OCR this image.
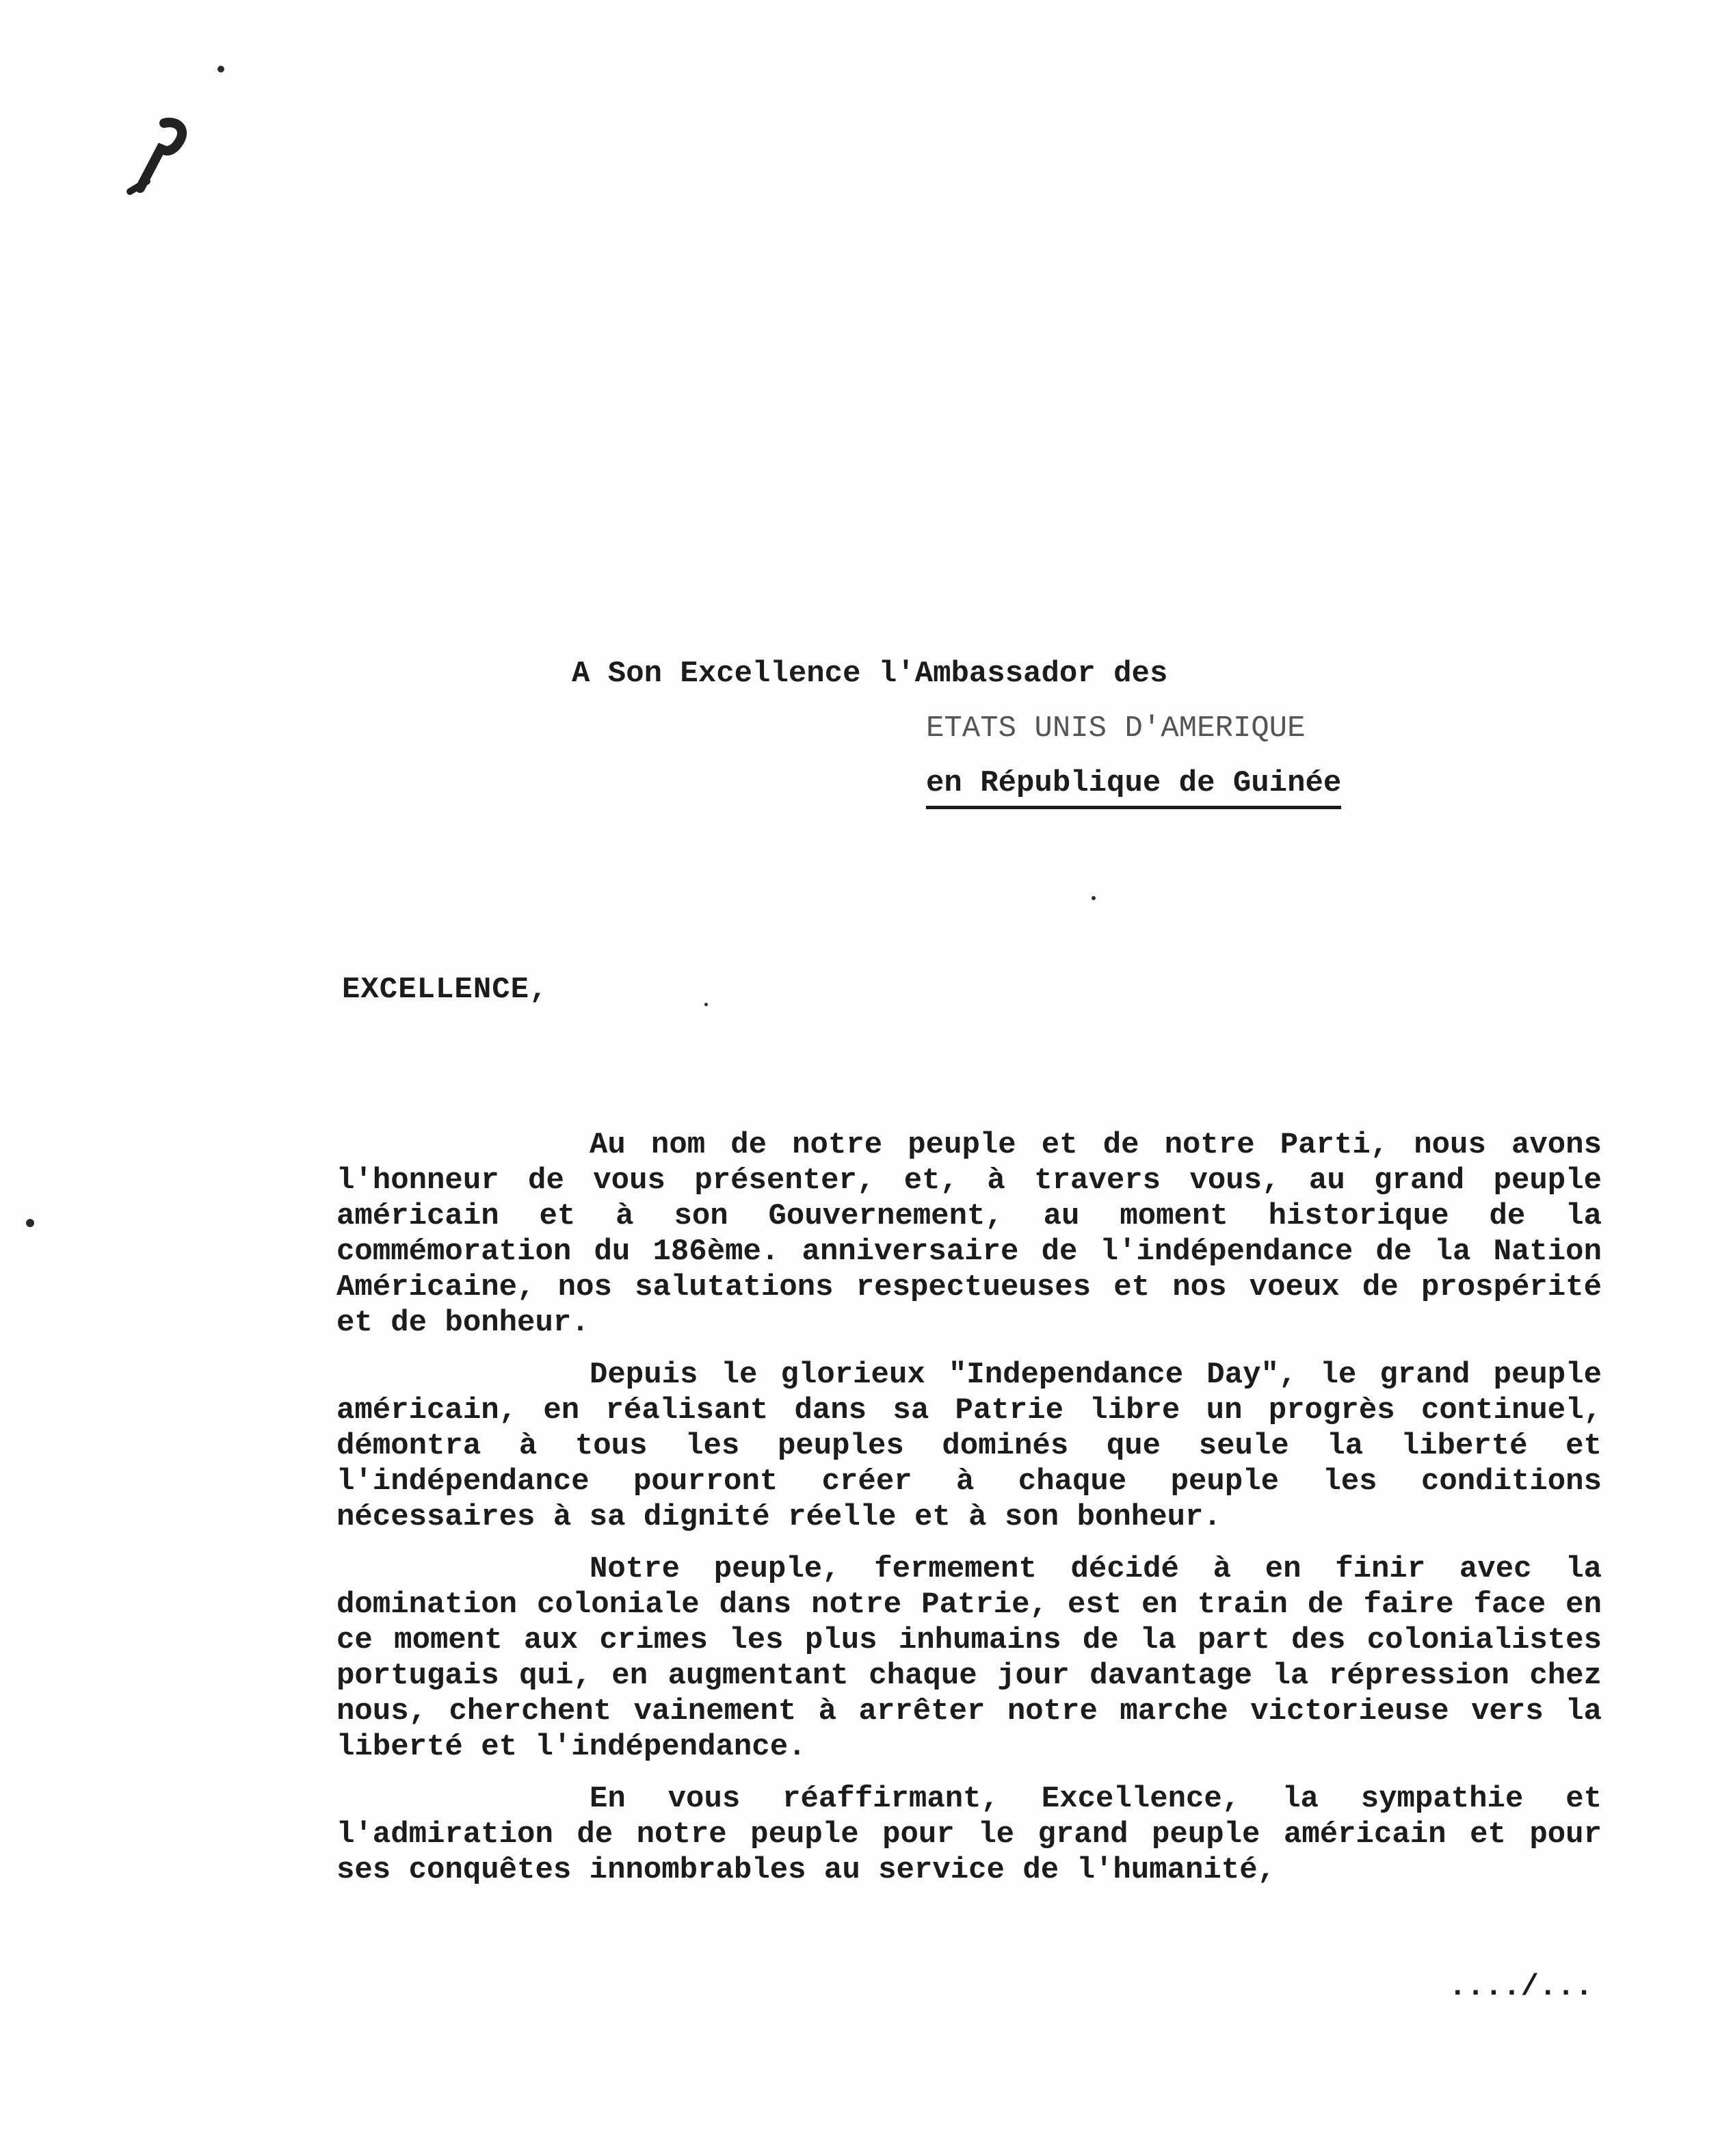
A Son Excellence l'Ambassador des
ETATS UNIS D'AMERIQUE
en République de Guinée
EXCELLENCE,

Au nom de notre peuple et de notre Parti, nous avons l'honneur de vous présenter, et, à travers vous, au grand peuple américain et à son Gouvernement, au moment historique de la commémoration du 186ème. anniversaire de l'indépendance de la Nation Américaine, nos salutations respectueuses et nos voeux de prospérité et de bonheur.

Depuis le glorieux "Independance Day", le grand peuple américain, en réalisant dans sa Patrie libre un progrès continuel, démontra à tous les peuples dominés que seule la liberté et l'indépendance pourront créer à chaque peuple les conditions nécessaires à sa dignité réelle et à son bonheur.

Notre peuple, fermement décidé à en finir avec la domination coloniale dans notre Patrie, est en train de faire face en ce moment aux crimes les plus inhumains de la part des colonialistes portugais qui, en augmentant chaque jour davantage la répression chez nous, cherchent vainement à arrêter notre marche victorieuse vers la liberté et l'indépendance.

En vous réaffirmant, Excellence, la sympathie et l'admiration de notre peuple pour le grand peuple américain et pour ses conquêtes innombrables au service de l'humanité,

..../...
